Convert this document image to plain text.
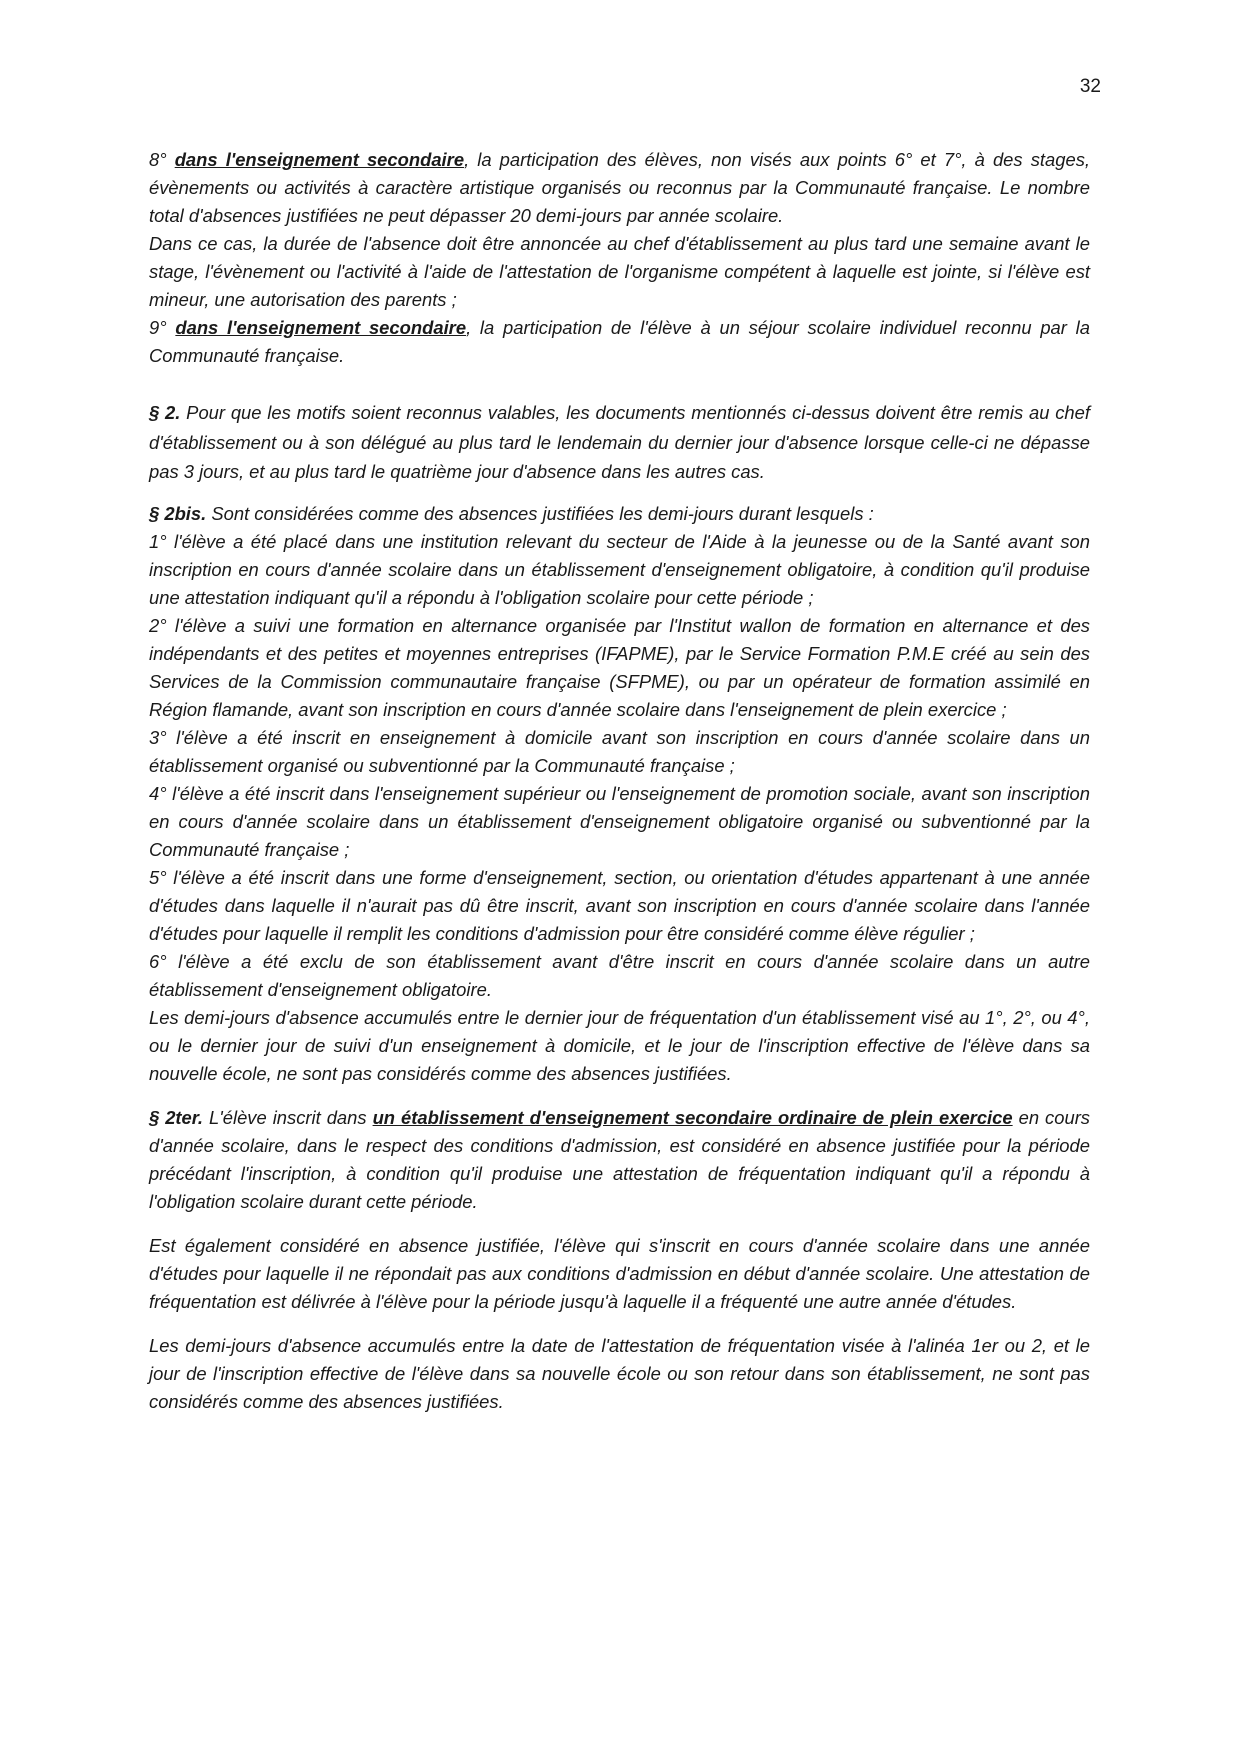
32

8° dans l'enseignement secondaire, la participation des élèves, non visés aux points 6° et 7°, à des stages, évènements ou activités à caractère artistique organisés ou reconnus par la Communauté française. Le nombre total d'absences justifiées ne peut dépasser 20 demi-jours par année scolaire.

Dans ce cas, la durée de l'absence doit être annoncée au chef d'établissement au plus tard une semaine avant le stage, l'évènement ou l'activité à l'aide de l'attestation de l'organisme compétent à laquelle est jointe, si l'élève est mineur, une autorisation des parents ;

9° dans l'enseignement secondaire, la participation de l'élève à un séjour scolaire individuel reconnu par la Communauté française.

§ 2. Pour que les motifs soient reconnus valables, les documents mentionnés ci-dessus doivent être remis au chef d'établissement ou à son délégué au plus tard le lendemain du dernier jour d'absence lorsque celle-ci ne dépasse pas 3 jours, et au plus tard le quatrième jour d'absence dans les autres cas.

§ 2bis. Sont considérées comme des absences justifiées les demi-jours durant lesquels :

1° l'élève a été placé dans une institution relevant du secteur de l'Aide à la jeunesse ou de la Santé avant son inscription en cours d'année scolaire dans un établissement d'enseignement obligatoire, à condition qu'il produise une attestation indiquant qu'il a répondu à l'obligation scolaire pour cette période ;

2° l'élève a suivi une formation en alternance organisée par l'Institut wallon de formation en alternance et des indépendants et des petites et moyennes entreprises (IFAPME), par le Service Formation P.M.E créé au sein des Services de la Commission communautaire française (SFPME), ou par un opérateur de formation assimilé en Région flamande, avant son inscription en cours d'année scolaire dans l'enseignement de plein exercice ;

3° l'élève a été inscrit en enseignement à domicile avant son inscription en cours d'année scolaire dans un établissement organisé ou subventionné par la Communauté française ;

4° l'élève a été inscrit dans l'enseignement supérieur ou l'enseignement de promotion sociale, avant son inscription en cours d'année scolaire dans un établissement d'enseignement obligatoire organisé ou subventionné par la Communauté française ;

5° l'élève a été inscrit dans une forme d'enseignement, section, ou orientation d'études appartenant à une année d'études dans laquelle il n'aurait pas dû être inscrit, avant son inscription en cours d'année scolaire dans l'année d'études pour laquelle il remplit les conditions d'admission pour être considéré comme élève régulier ;

6° l'élève a été exclu de son établissement avant d'être inscrit en cours d'année scolaire dans un autre établissement d'enseignement obligatoire.

Les demi-jours d'absence accumulés entre le dernier jour de fréquentation d'un établissement visé au 1°, 2°, ou 4°, ou le dernier jour de suivi d'un enseignement à domicile, et le jour de l'inscription effective de l'élève dans sa nouvelle école, ne sont pas considérés comme des absences justifiées.

§ 2ter. L'élève inscrit dans un établissement d'enseignement secondaire ordinaire de plein exercice en cours d'année scolaire, dans le respect des conditions d'admission, est considéré en absence justifiée pour la période précédant l'inscription, à condition qu'il produise une attestation de fréquentation indiquant qu'il a répondu à l'obligation scolaire durant cette période.

Est également considéré en absence justifiée, l'élève qui s'inscrit en cours d'année scolaire dans une année d'études pour laquelle il ne répondait pas aux conditions d'admission en début d'année scolaire. Une attestation de fréquentation est délivrée à l'élève pour la période jusqu'à laquelle il a fréquenté une autre année d'études.

Les demi-jours d'absence accumulés entre la date de l'attestation de fréquentation visée à l'alinéa 1er ou 2, et le jour de l'inscription effective de l'élève dans sa nouvelle école ou son retour dans son établissement, ne sont pas considérés comme des absences justifiées.
